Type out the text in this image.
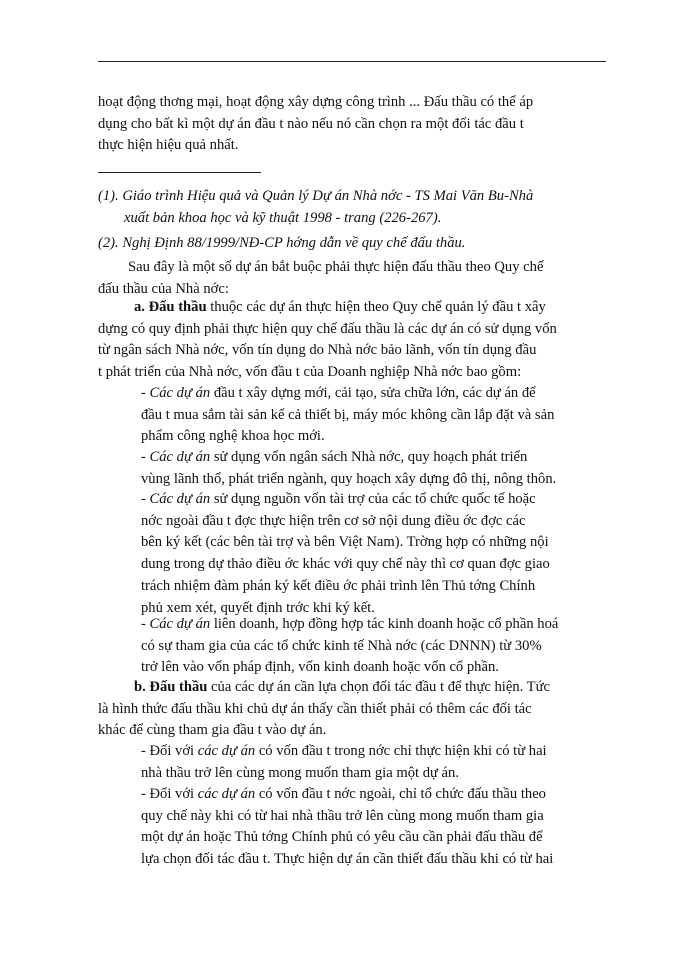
hoạt động thơng mại, hoạt động xây dựng công trình ... Đấu thầu có thể áp
dụng cho bất kì một dự án đầu t nào nếu nó cần chọn ra một đối tác đầu t
thực hiện hiệu quả nhất.
(1). Giáo trình Hiệu quả và Quản lý Dự án Nhà nớc - TS Mai Văn Bu-Nhà
xuất bản khoa học và kỹ thuật 1998 - trang (226-267).
(2). Nghị Định 88/1999/NĐ-CP hớng dẫn về quy chế đấu thầu.
Sau đây là một số dự án bắt buộc phải thực hiện đấu thầu theo Quy chế
đấu thầu của Nhà nớc:
a. Đấu thầu thuộc các dự án thực hiện theo Quy chế quản lý đầu t xây
dựng có quy định phải thực hiện quy chế đấu thầu là các dự án có sử dụng vốn
từ ngân sách Nhà nớc, vốn tín dụng do Nhà nớc bảo lãnh, vốn tín dụng đầu
t phát triển của Nhà nớc, vốn đầu t của Doanh nghiệp Nhà nớc bao gồm:
- Các dự án đầu t xây dựng mới, cải tạo, sửa chữa lớn, các dự án để
đầu t mua sắm tài sản kể cả thiết bị, máy móc không cần lắp đặt và sản
phẩm công nghệ khoa học mới.
- Các dự án sử dụng vốn ngân sách Nhà nớc, quy hoạch phát triển
vùng lãnh thổ, phát triển ngành, quy hoạch xây dựng đô thị, nông thôn.
- Các dự án sử dụng nguồn vốn tài trợ của các tổ chức quốc tế hoặc
nớc ngoài đầu t đợc thực hiện trên cơ sở nội dung điều ớc đợc các
bên ký kết (các bên tài trợ và bên Việt Nam). Trờng hợp có những nội
dung trong dự thảo điều ớc khác với quy chế này thì cơ quan đợc giao
trách nhiệm đàm phán ký kết điều ớc phải trình lên Thủ tớng Chính
phủ xem xét, quyết định trớc khi ký kết.
- Các dự án liên doanh, hợp đồng hợp tác kinh doanh hoặc cổ phần hoá
có sự tham gia của các tổ chức kinh tế Nhà nớc (các DNNN) từ 30%
trở lên vào vốn pháp định, vốn kinh doanh hoặc vốn cổ phần.
b. Đấu thầu của các dự án cần lựa chọn đối tác đầu t để thực hiện. Tức
là hình thức đấu thầu khi chủ dự án thấy cần thiết phải có thêm các đối tác
khác để cùng tham gia đầu t vào dự án.
- Đối với các dự án có vốn đầu t trong nớc chỉ thực hiện khi có từ hai
nhà thầu trở lên cùng mong muốn tham gia một dự án.
- Đối với các dự án có vốn đầu t nớc ngoài, chỉ tổ chức đấu thầu theo
quy chế này khi có từ hai nhà thầu trở lên cùng mong muốn tham gia
một dự án hoặc Thủ tớng Chính phủ có yêu cầu cần phải đấu thầu để
lựa chọn đối tác đầu t. Thực hiện dự án cần thiết đấu thầu khi có từ hai
